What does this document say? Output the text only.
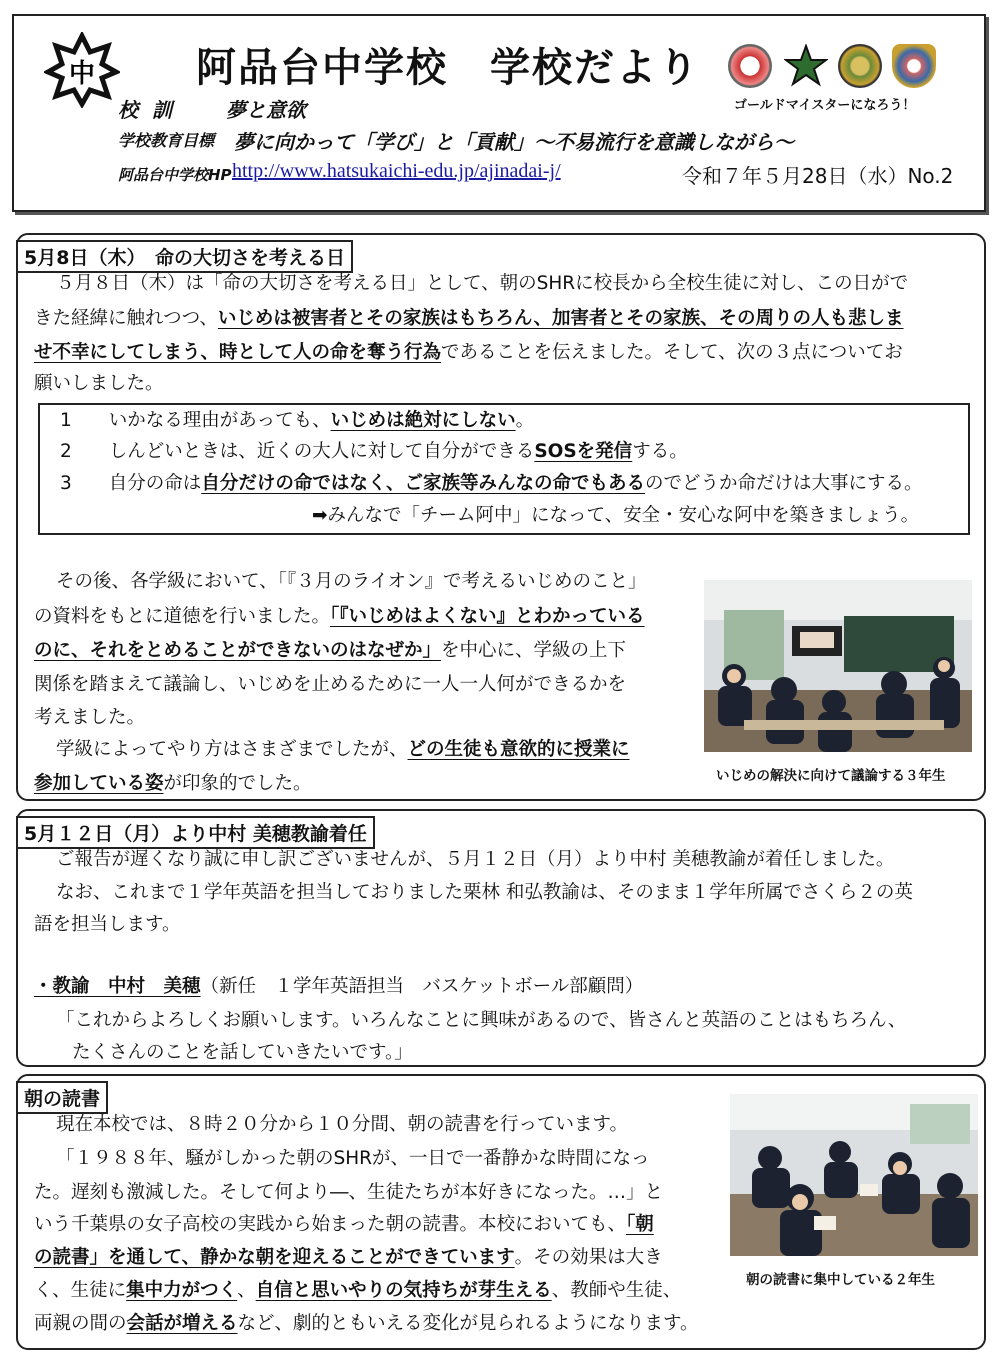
中	阿品台中学校　学校だより
校訓 夢と意欲
学校教育目標 夢に向かって「学び」と「貢献」～不易流行を意識しながら～
阿品台中学校HP http://www.hatsukaichi-edu.jp/ajinadai-j/	令和７年５月28日（水）No.2
ゴールドマイスターになろう！
5月8日（木）　命の大切さを考える日
５月８日（木）は「命の大切さを考える日」として、朝のSHRに校長から全校生徒に対し、この日がで
きた経緯に触れつつ、いじめは被害者とその家族はもちろん、加害者とその家族、その周りの人も悲しま
せ不幸にしてしまう、時として人の命を奪う行為であることを伝えました。そして、次の３点についてお
願いしました。
1　　 いかなる理由があっても、いじめは絶対にしない。
2　　 しんどいときは、近くの大人に対して自分ができるSOSを発信する。
3　　 自分の命は自分だけの命ではなく、ご家族等みんなの命でもあるのでどうか命だけは大事にする。
➡みんなで「チーム阿中」になって、安全・安心な阿中を築きましょう。
その後、各学級において、「『３月のライオン』で考えるいじめのこと」
の資料をもとに道徳を行いました。「『いじめはよくない』とわかっている
のに、それをとめることができないのはなぜか」を中心に、学級の上下
関係を踏まえて議論し、いじめを止めるために一人一人何ができるかを
考えました。
学級によってやり方はさまざまでしたが、どの生徒も意欲的に授業に
参加している姿が印象的でした。	いじめの解決に向けて議論する３年生
5月１２日（月）より中村 美穂教諭着任
ご報告が遅くなり誠に申し訳ございませんが、５月１２日（月）より中村 美穂教諭が着任しました。
なお、これまで１学年英語を担当しておりました栗林 和弘教諭は、そのまま１学年所属でさくら２の英
語を担当します。
・教諭　中村　美穂（新任　１学年英語担当　バスケットボール部顧問）
「これからよろしくお願いします。いろんなことに興味があるので、皆さんと英語のことはもちろん、
たくさんのことを話していきたいです。」
朝の読書
現在本校では、８時２０分から１０分間、朝の読書を行っています。
「１９８８年、騒がしかった朝のSHRが、一日で一番静かな時間になっ
た。遅刻も激減した。そして何より―、生徒たちが本好きになった。…」と
いう千葉県の女子高校の実践から始まった朝の読書。本校においても、「朝
の読書」を通して、静かな朝を迎えることができています。その効果は大き
く、生徒に集中力がつく、自信と思いやりの気持ちが芽生える、教師や生徒、
両親の間の会話が増えるなど、劇的ともいえる変化が見られるようになります。
朝の読書に集中している２年生
